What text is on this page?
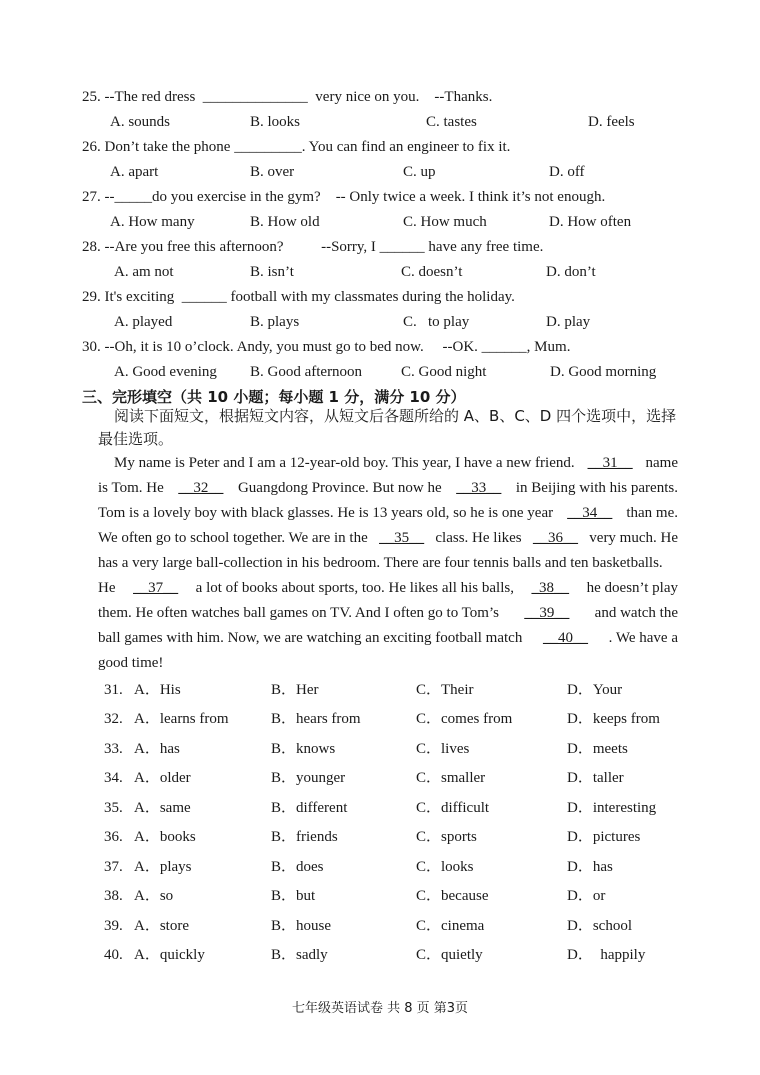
25. --The red dress  ______________  very nice on you.    --Thanks.
A. sounds	B. looks	C. tastes	D. feels
26. Don’t take the phone _________. You can find an engineer to fix it.
A. apart	B. over	C. up	D. off
27. --_____do you exercise in the gym?    -- Only twice a week. I think it’s not enough.
A. How many	B. How old	C. How much	D. How often
28. --Are you free this afternoon?          --Sorry, I ______ have any free time.
A. am not	B. isn’t	C. doesn’t	D. don’t
29. It's exciting  ______ football with my classmates during the holiday.
A. played	B. plays	C.   to play	D. play
30. --Oh, it is 10 o’clock. Andy, you must go to bed now.     --OK. ______, Mum.
A. Good evening B. Good afternoon	C. Good night	D. Good morning
三、完形填空（共 10 小题；每小题 1 分，满分 10 分）
阅读下面短文，根据短文内容，从短文后各题所给的 A、B、C、D 四个选项中，选择
最佳选项。
My name is Peter and I am a 12-year-old boy. This year, I have a new friend. __31__ name
is Tom. He __32__ Guangdong Province. But now he __33__ in Beijing with his parents.
Tom is a lovely boy with black glasses. He is 13 years old, so he is one year __34__ than me.
We often go to school together. We are in the __35__ class. He likes __36__ very much. He
has a very large ball-collection in his bedroom. There are four tennis balls and ten basketballs.
He __37__ a lot of books about sports, too. He likes all his balls, _38__ he doesn’t play
them. He often watches ball games on TV. And I often go to Tom’s __39__ and watch the
ball games with him. Now, we are watching an exciting football match __40__ . We have a
good time!
31. A．His	B．Her	C．Their	D．Your
32. A．learns from	B．hears from	C．comes from	D．keeps from
33. A．has	B．knows	C．lives	D．meets
34. A．older	B．younger	C．smaller	D．taller
35. A．same	B．different	C．difficult	D．interesting
36. A．books	B．friends	C．sports	D．pictures
37. A．plays	B．does	C．looks	D．has
38. A．so	B．but	C．because	D．or
39. A．store	B．house	C．cinema	D．school
40. A．quickly	B．sadly	C．quietly	D．  happily
七年级英语试卷 共 8 页 第3页
